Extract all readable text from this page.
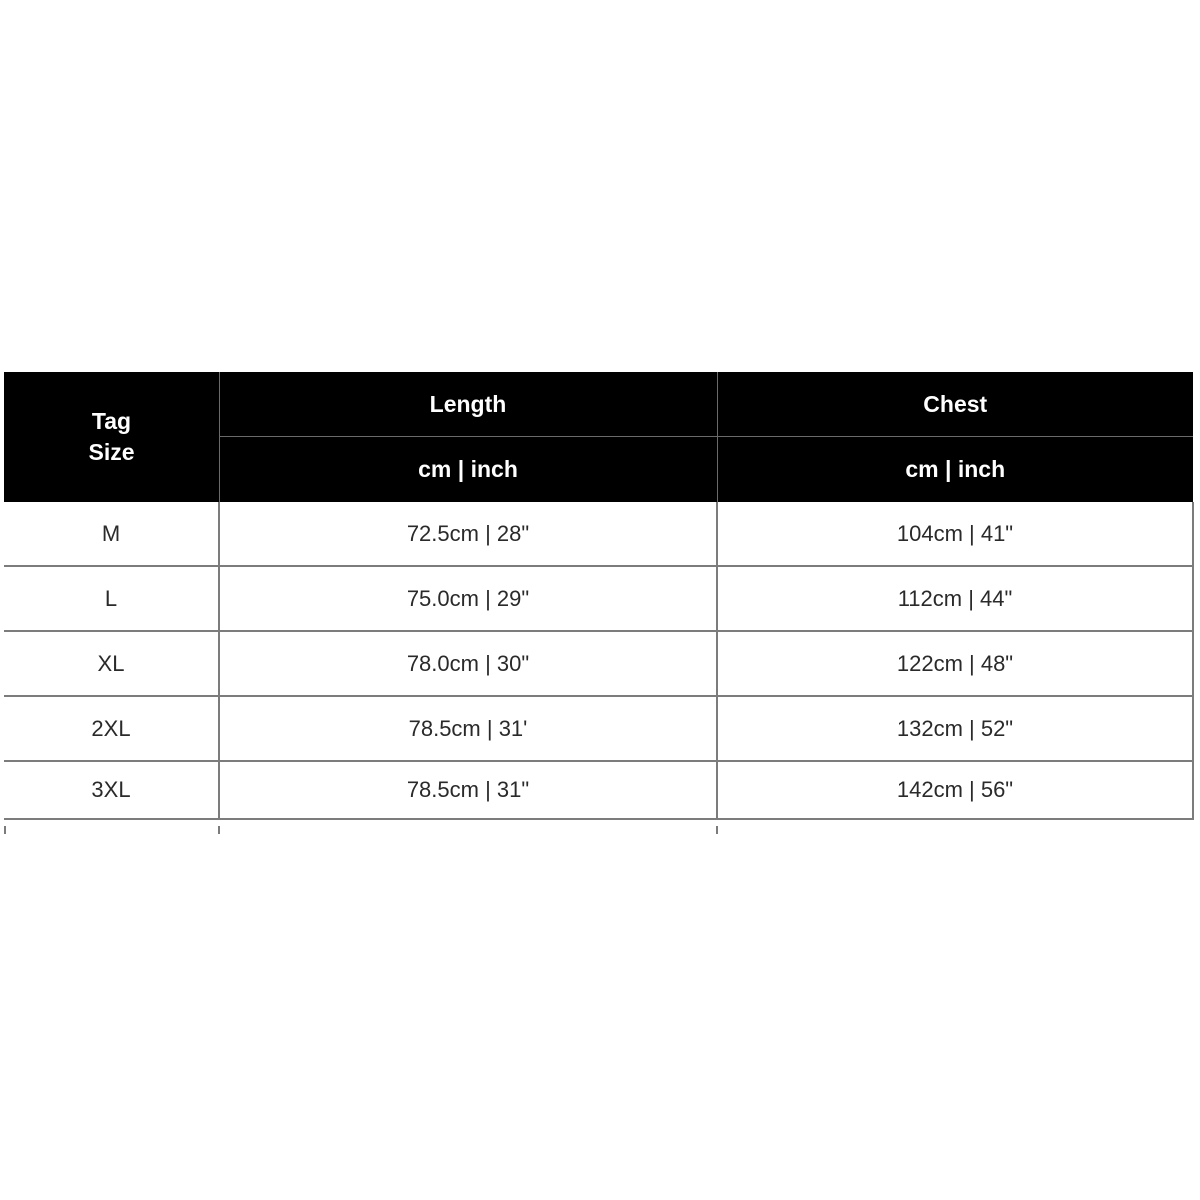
Tag
Size	Length	Chest
	cm | inch	cm | inch
M	72.5cm | 28"	104cm | 41"
L	75.0cm | 29"	112cm | 44"
XL	78.0cm | 30"	122cm | 48"
2XL	78.5cm | 31'	132cm | 52"
3XL	78.5cm | 31"	142cm | 56"
